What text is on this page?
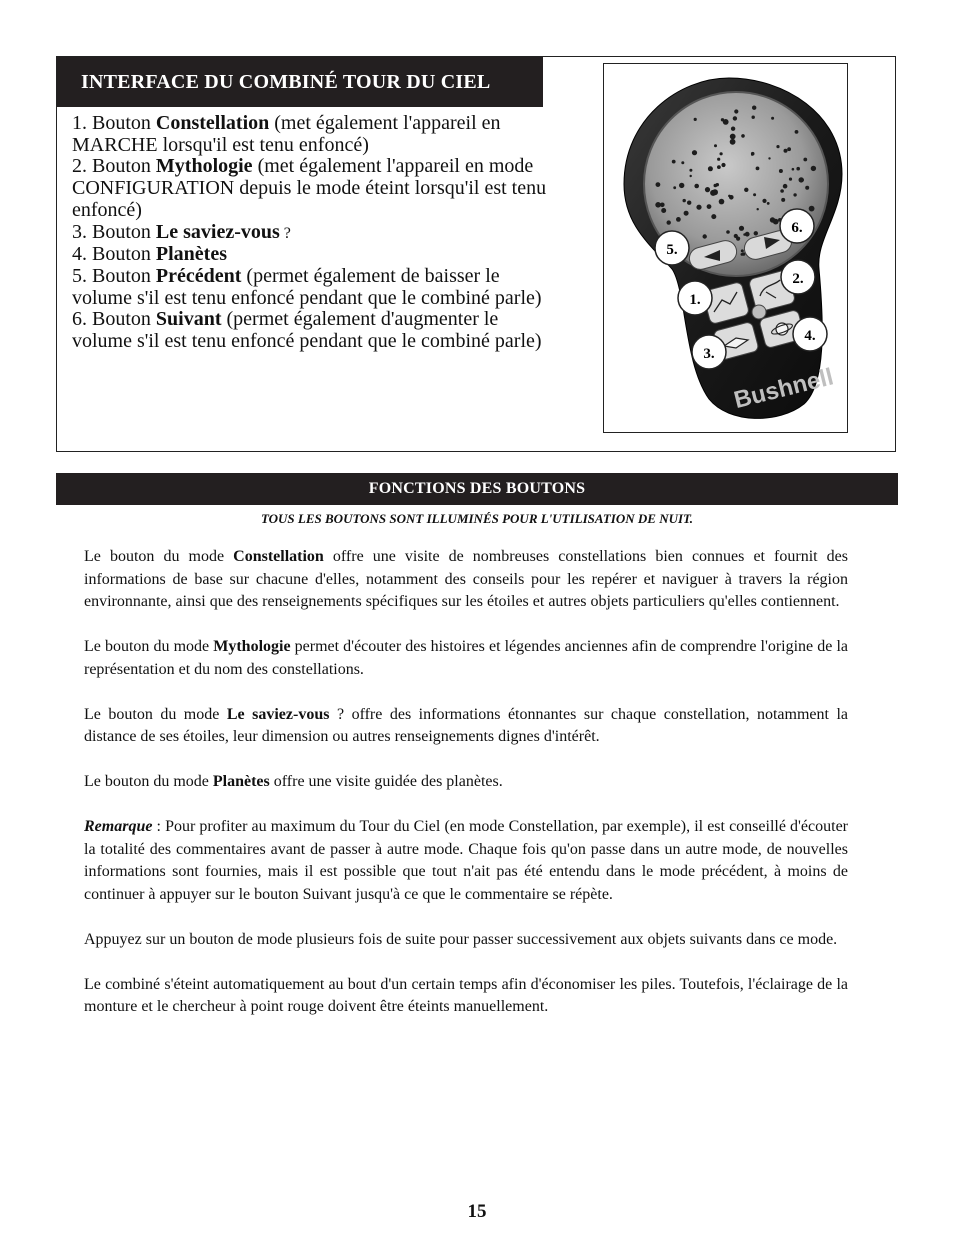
INTERFACE DU COMBINÉ TOUR DU CIEL
1. Bouton Constellation (met également l'appareil en MARCHE lorsqu'il est tenu enfoncé)
2. Bouton Mythologie (met également l'appareil en mode CONFIGURATION depuis le mode éteint lorsqu'il est tenu enfoncé)
3. Bouton Le saviez-vous ?
4. Bouton Planètes
5. Bouton Précédent (permet également de baisser le volume s'il est tenu enfoncé pendant que le combiné parle)
6. Bouton Suivant (permet également d'augmenter le volume s'il est tenu enfoncé pendant que le combiné parle)
Bushnell
5.
6.
2.
1.
4.
3.
FONCTIONS DES BOUTONS
TOUS LES BOUTONS SONT ILLUMINÉS POUR L'UTILISATION DE NUIT.

Le bouton du mode Constellation offre une visite de nombreuses constellations bien connues et fournit des informations de base sur chacune d'elles, notamment des conseils pour les repérer et naviguer à travers la région environnante, ainsi que des renseignements spécifiques sur les étoiles et autres objets particuliers qu'elles contiennent.

Le bouton du mode Mythologie permet d'écouter des histoires et légendes anciennes afin de comprendre l'origine de la représentation et du nom des constellations.

Le bouton du mode Le saviez-vous ? offre des informations étonnantes sur chaque constellation, notamment la distance de ses étoiles, leur dimension ou autres renseignements dignes d'intérêt.

Le bouton du mode Planètes offre une visite guidée des planètes.

Remarque : Pour profiter au maximum du Tour du Ciel (en mode Constellation, par exemple), il est conseillé d'écouter la totalité des commentaires avant de passer à autre mode. Chaque fois qu'on passe dans un autre mode, de nouvelles informations sont fournies, mais il est possible que tout n'ait pas été entendu dans le mode précédent, à moins de continuer à appuyer sur le bouton Suivant jusqu'à ce que le commentaire se répète.

Appuyez sur un bouton de mode plusieurs fois de suite pour passer successivement aux objets suivants dans ce mode.

Le combiné s'éteint automatiquement au bout d'un certain temps afin d'économiser les piles. Toutefois, l'éclairage de la monture et le chercheur à point rouge doivent être éteints manuellement.

15
